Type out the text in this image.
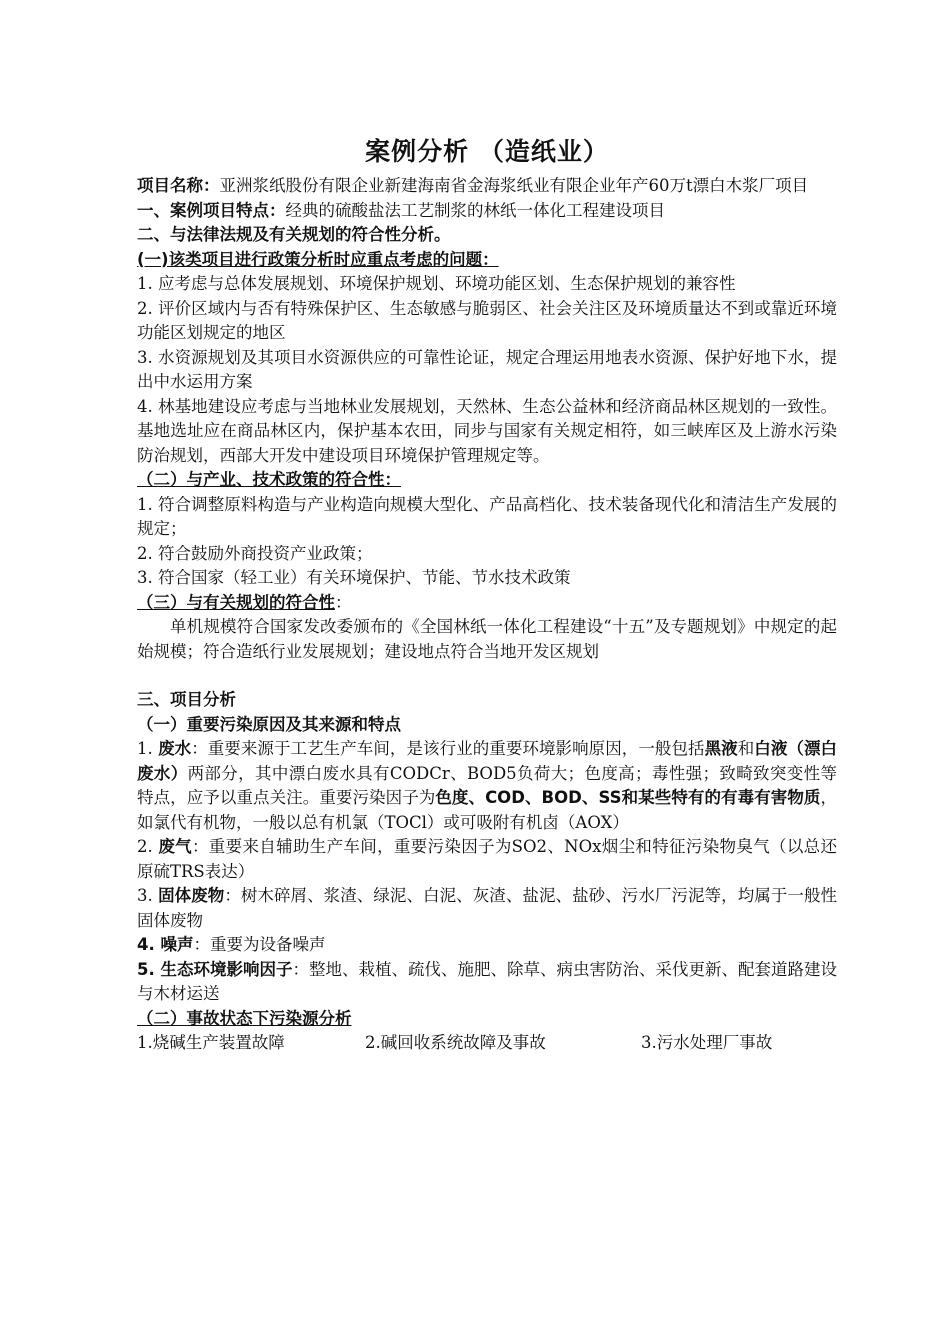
案例分析 （造纸业）

项目名称：亚洲浆纸股份有限企业新建海南省金海浆纸业有限企业年产60万t漂白木浆厂项目

一、案例项目特点：经典的硫酸盐法工艺制浆的林纸一体化工程建设项目

二、与法律法规及有关规划的符合性分析。

(一)该类项目进行政策分析时应重点考虑的问题：

1. 应考虑与总体发展规划、环境保护规划、环境功能区划、生态保护规划的兼容性

2. 评价区域内与否有特殊保护区、生态敏感与脆弱区、社会关注区及环境质量达不到或靠近环境功能区划规定的地区

3. 水资源规划及其项目水资源供应的可靠性论证，规定合理运用地表水资源、保护好地下水，提出中水运用方案

4. 林基地建设应考虑与当地林业发展规划，天然林、生态公益林和经济商品林区规划的一致性。基地选址应在商品林区内，保护基本农田，同步与国家有关规定相符，如三峡库区及上游水污染防治规划，西部大开发中建设项目环境保护管理规定等。

（二）与产业、技术政策的符合性：

1. 符合调整原料构造与产业构造向规模大型化、产品高档化、技术装备现代化和清洁生产发展的规定；

2. 符合鼓励外商投资产业政策；

3. 符合国家（轻工业）有关环境保护、节能、节水技术政策

（三）与有关规划的符合性：

单机规模符合国家发改委颁布的《全国林纸一体化工程建设“十五”及专题规划》中规定的起始规模；符合造纸行业发展规划；建设地点符合当地开发区规划

三、项目分析

（一）重要污染原因及其来源和特点

1. 废水：重要来源于工艺生产车间，是该行业的重要环境影响原因，一般包括黑液和白液（漂白废水）两部分，其中漂白废水具有CODCr、BOD5负荷大；色度高；毒性强；致畸致突变性等特点，应予以重点关注。重要污染因子为色度、COD、BOD、SS和某些特有的有毒有害物质，如氯代有机物，一般以总有机氯（TOCl）或可吸附有机卤（AOX）

2. 废气：重要来自辅助生产车间，重要污染因子为SO2、NOx烟尘和特征污染物臭气（以总还原硫TRS表达）

3. 固体废物：树木碎屑、浆渣、绿泥、白泥、灰渣、盐泥、盐砂、污水厂污泥等，均属于一般性固体废物

4. 噪声：重要为设备噪声

5. 生态环境影响因子：整地、栽植、疏伐、施肥、除草、病虫害防治、采伐更新、配套道路建设与木材运送

（二）事故状态下污染源分析

1.烧碱生产装置故障	2.碱回收系统故障及事故	3.污水处理厂事故
